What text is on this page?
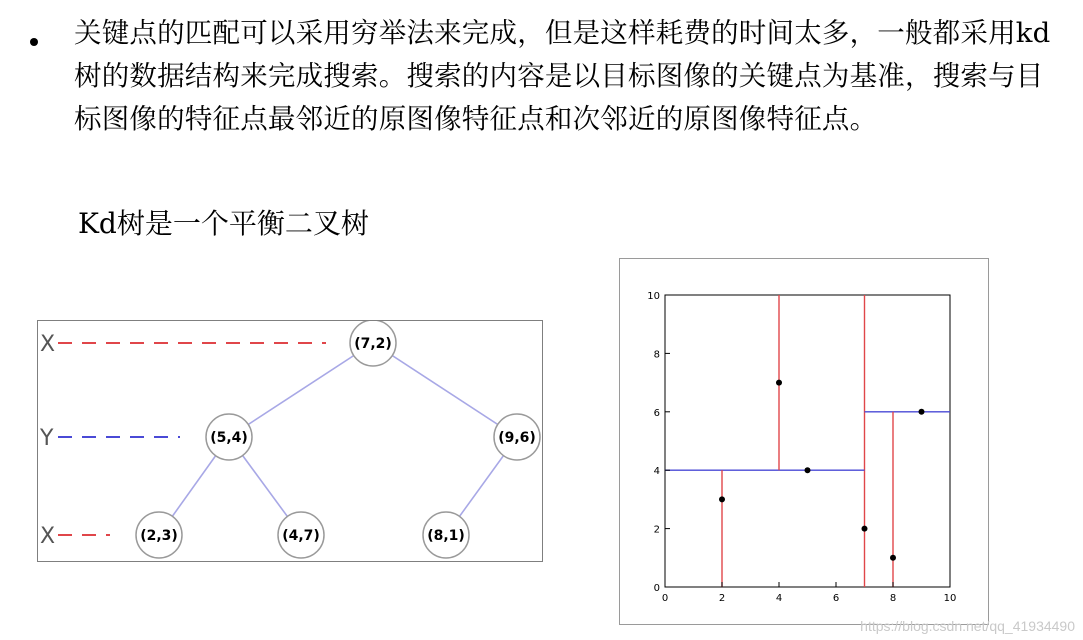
关键点的匹配可以采用穷举法来完成，但是这样耗费的时间太多，一般都采用kd树的数据结构来完成搜索。搜索的内容是以目标图像的关键点为基准，搜索与目标图像的特征点最邻近的原图像特征点和次邻近的原图像特征点。
Kd树是一个平衡二叉树
X
Y
X
(7,2)
(5,4)	(9,6)
(2,3)	(4,7)	(8,1)
0	2	4	6	8	10
0
2
4
6
8
10
https://blog.csdn.net/qq_41934490
